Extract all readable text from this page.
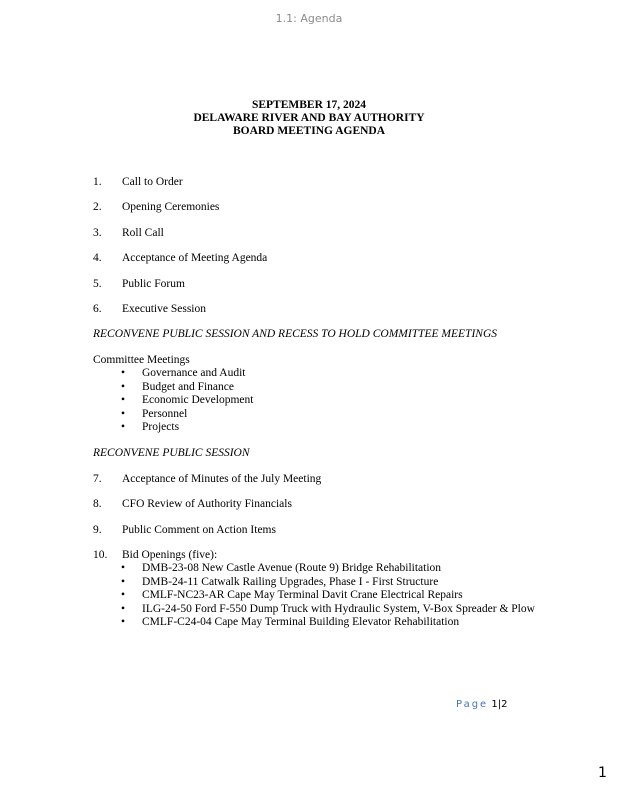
1.1: Agenda
SEPTEMBER 17, 2024
DELAWARE RIVER AND BAY AUTHORITY
BOARD MEETING AGENDA
1. Call to Order
2. Opening Ceremonies
3. Roll Call
4. Acceptance of Meeting Agenda
5. Public Forum
6. Executive Session
RECONVENE PUBLIC SESSION AND RECESS TO HOLD COMMITTEE MEETINGS
Committee Meetings
• Governance and Audit
• Budget and Finance
• Economic Development
• Personnel
• Projects
RECONVENE PUBLIC SESSION
7. Acceptance of Minutes of the July Meeting
8. CFO Review of Authority Financials
9. Public Comment on Action Items
10. Bid Openings (five):
• DMB-23-08 New Castle Avenue (Route 9) Bridge Rehabilitation
• DMB-24-11 Catwalk Railing Upgrades, Phase I - First Structure
• CMLF-NC23-AR Cape May Terminal Davit Crane Electrical Repairs
• ILG-24-50 Ford F-550 Dump Truck with Hydraulic System, V-Box Spreader & Plow
• CMLF-C24-04 Cape May Terminal Building Elevator Rehabilitation
Page 1|2
1
